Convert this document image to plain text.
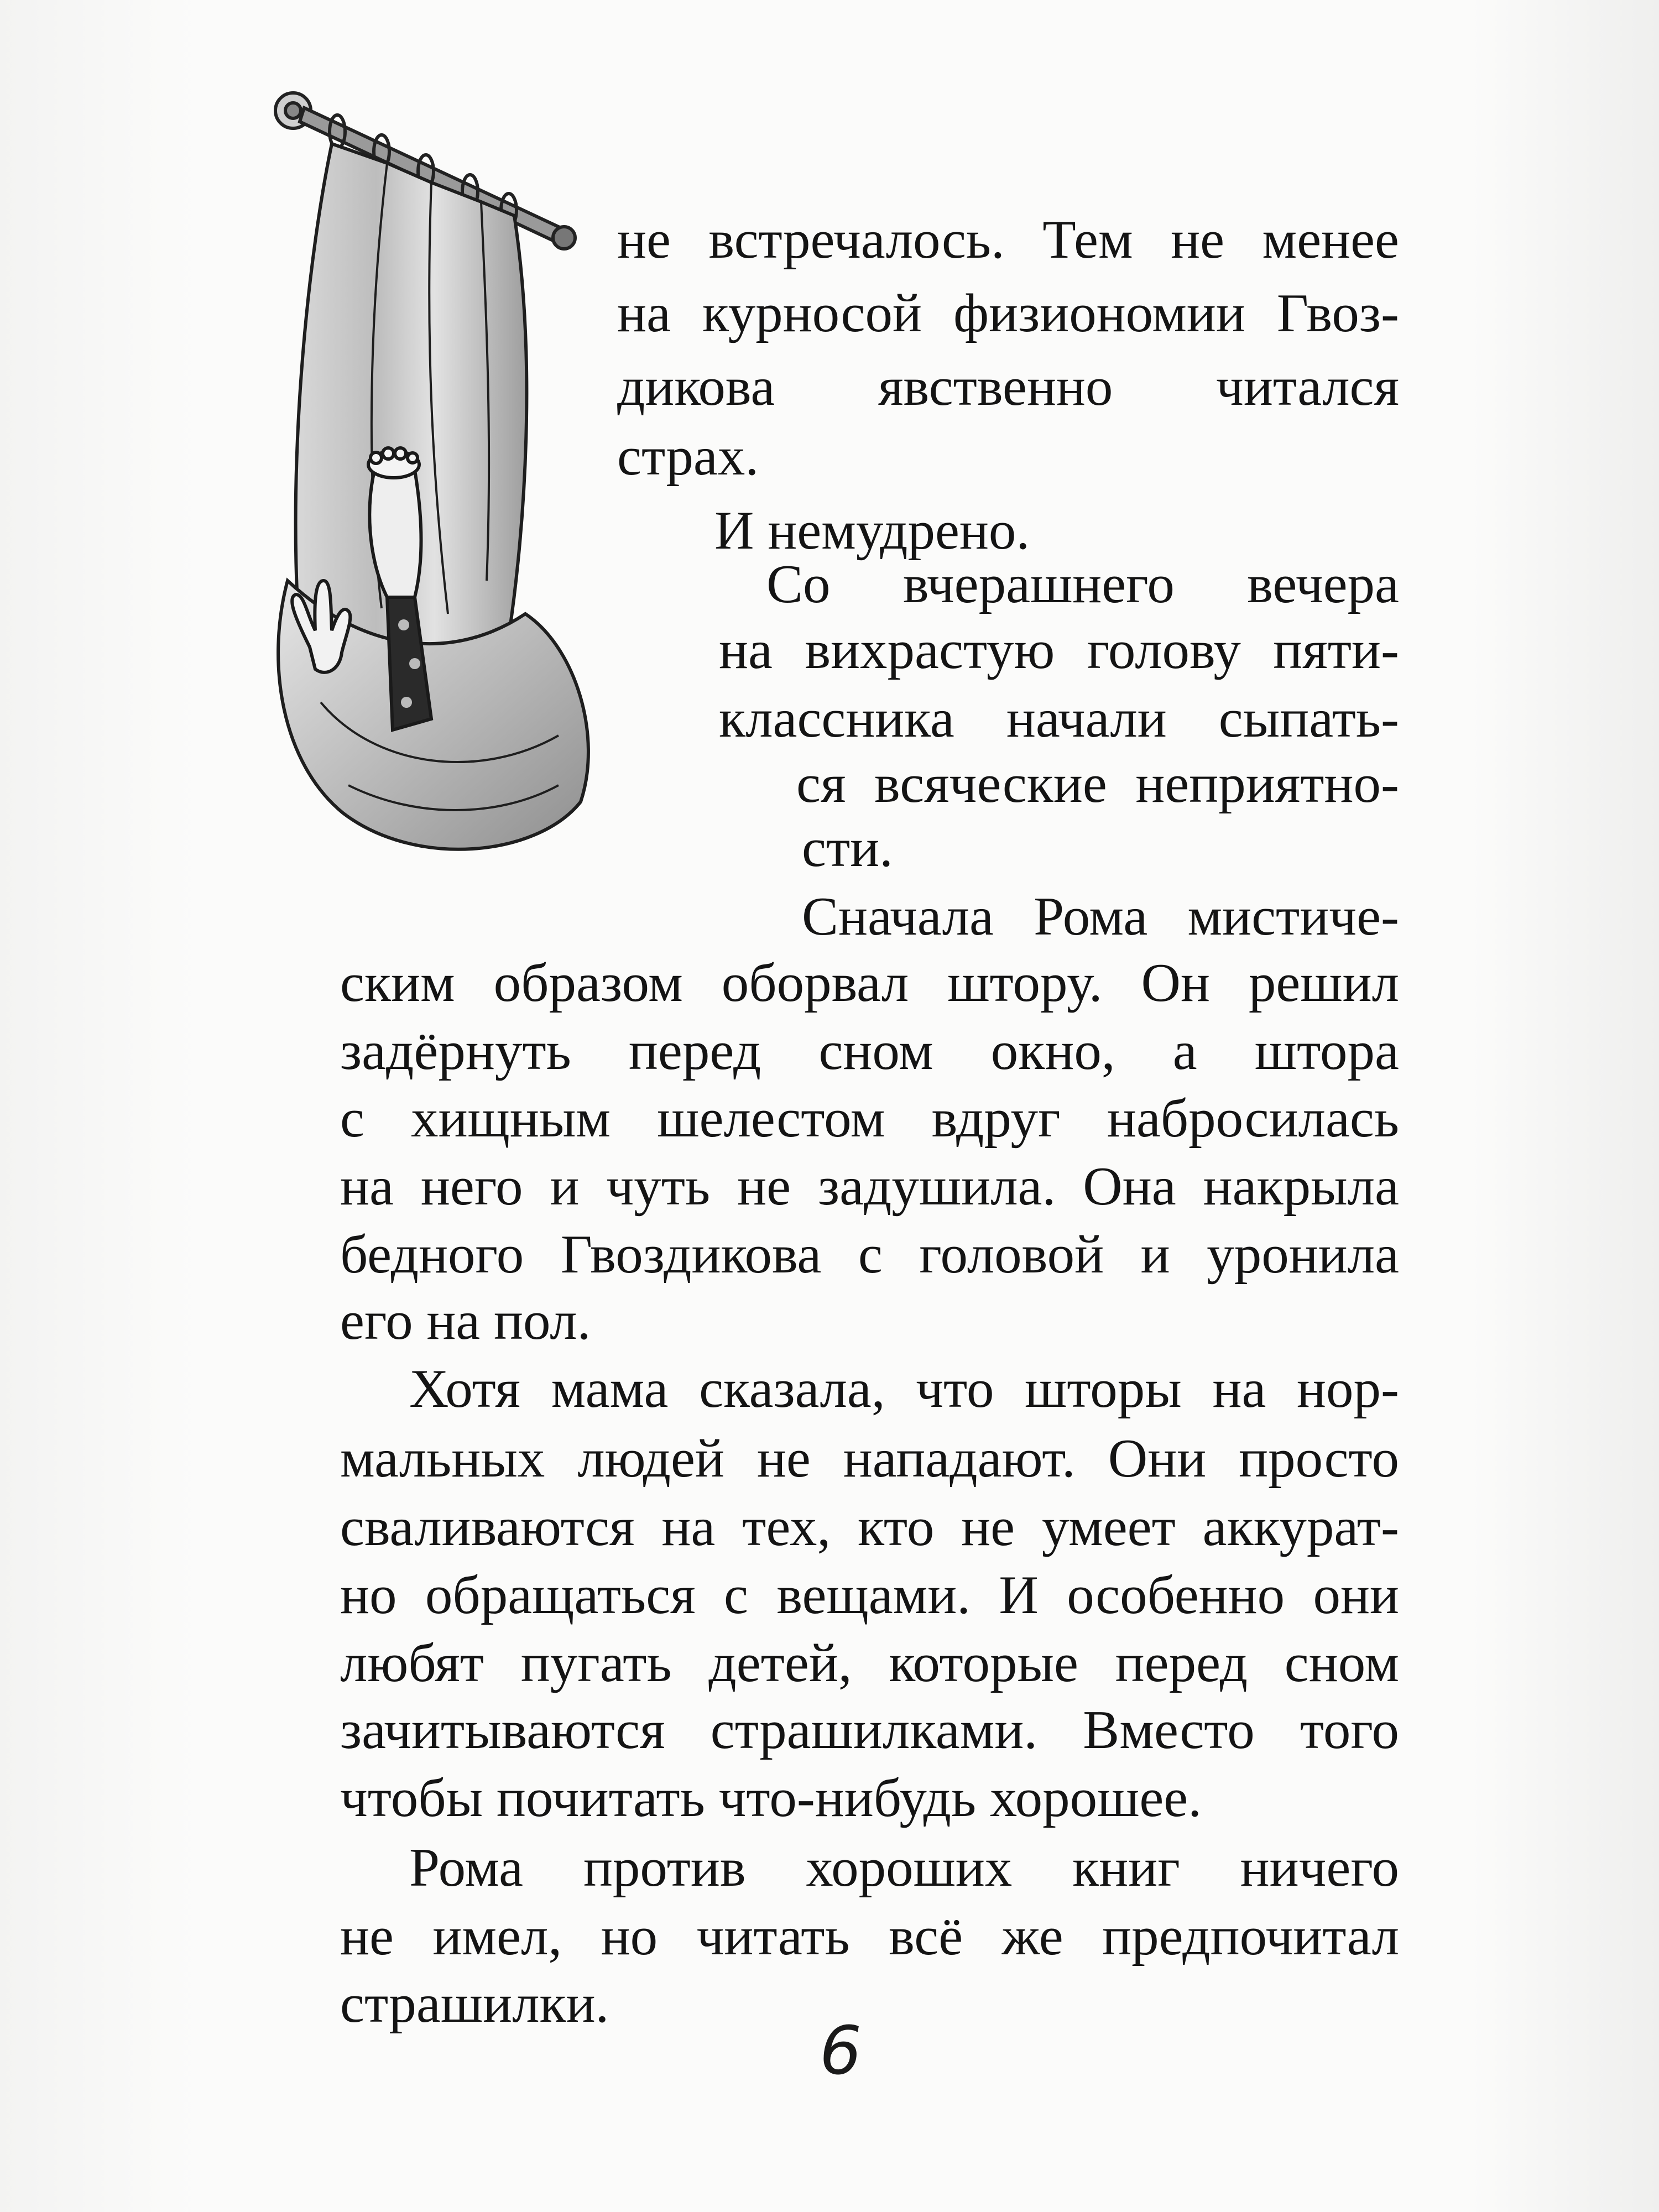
не встречалось. Тем не менее
на курносой физиономии Гвоз-
дикова явственно читался
страх.
И немудрено.
Со вчерашнего вечера
на вихрастую голову пяти-
классника начали сыпать-
ся всяческие неприятно-
сти.
Сначала Рома мистиче-
ским образом оборвал штору. Он решил
задёрнуть перед сном окно, а штора
с хищным шелестом вдруг набросилась
на него и чуть не задушила. Она накрыла
бедного Гвоздикова с головой и уронила
его на пол.
Хотя мама сказала, что шторы на нор-
мальных людей не нападают. Они просто
сваливаются на тех, кто не умеет аккурат-
но обращаться с вещами. И особенно они
любят пугать детей, которые перед сном
зачитываются страшилками. Вместо того
чтобы почитать что-нибудь хорошее.
Рома против хороших книг ничего
не имел, но читать всё же предпочитал
страшилки.
6
